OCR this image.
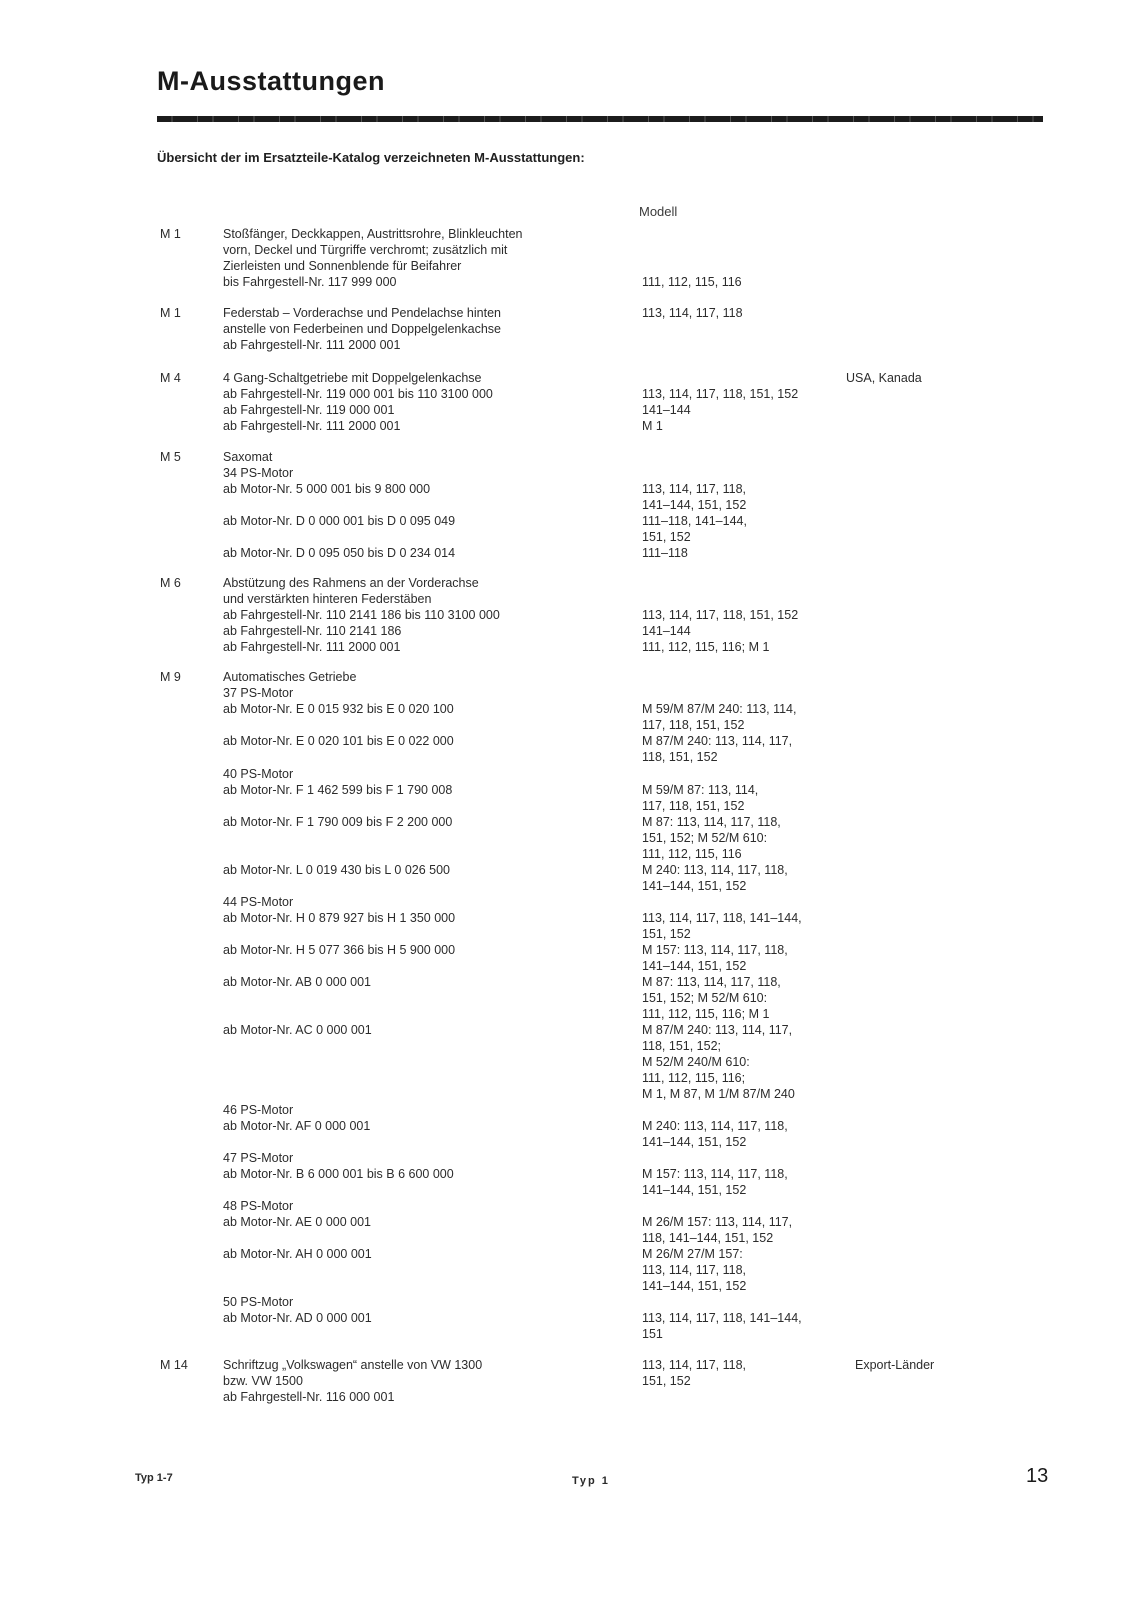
M-Ausstattungen
Übersicht der im Ersatzteile-Katalog verzeichneten M-Ausstattungen:
Modell
M 1	Stoßfänger, Deckkappen, Austrittsrohre, Blinkleuchten
vorn, Deckel und Türgriffe verchromt; zusätzlich mit
Zierleisten und Sonnenblende für Beifahrer
bis Fahrgestell-Nr. 117 999 000	111, 112, 115, 116
M 1	Federstab – Vorderachse und Pendelachse hinten	113, 114, 117, 118
anstelle von Federbeinen und Doppelgelenkachse
ab Fahrgestell-Nr. 111 2000 001
M 4	4 Gang-Schaltgetriebe mit Doppelgelenkachse	USA, Kanada
ab Fahrgestell-Nr. 119 000 001 bis 110 3100 000	113, 114, 117, 118, 151, 152
ab Fahrgestell-Nr. 119 000 001	141–144
ab Fahrgestell-Nr. 111 2000 001	M 1
M 5	Saxomat
34 PS-Motor
ab Motor-Nr. 5 000 001 bis 9 800 000	113, 114, 117, 118,
141–144, 151, 152
ab Motor-Nr. D 0 000 001 bis D 0 095 049	111–118, 141–144,
151, 152
ab Motor-Nr. D 0 095 050 bis D 0 234 014	111–118
M 6	Abstützung des Rahmens an der Vorderachse
und verstärkten hinteren Federstäben
ab Fahrgestell-Nr. 110 2141 186 bis 110 3100 000	113, 114, 117, 118, 151, 152
ab Fahrgestell-Nr. 110 2141 186	141–144
ab Fahrgestell-Nr. 111 2000 001	111, 112, 115, 116; M 1
M 9	Automatisches Getriebe
37 PS-Motor
ab Motor-Nr. E 0 015 932 bis E 0 020 100	M 59/M 87/M 240: 113, 114,
117, 118, 151, 152
ab Motor-Nr. E 0 020 101 bis E 0 022 000	M 87/M 240: 113, 114, 117,
118, 151, 152
40 PS-Motor
ab Motor-Nr. F 1 462 599 bis F 1 790 008	M 59/M 87: 113, 114,
117, 118, 151, 152
ab Motor-Nr. F 1 790 009 bis F 2 200 000	M 87: 113, 114, 117, 118,
151, 152; M 52/M 610:
111, 112, 115, 116
ab Motor-Nr. L 0 019 430 bis L 0 026 500	M 240: 113, 114, 117, 118,
141–144, 151, 152
44 PS-Motor
ab Motor-Nr. H 0 879 927 bis H 1 350 000	113, 114, 117, 118, 141–144,
151, 152
ab Motor-Nr. H 5 077 366 bis H 5 900 000	M 157: 113, 114, 117, 118,
141–144, 151, 152
ab Motor-Nr. AB 0 000 001	M 87: 113, 114, 117, 118,
151, 152; M 52/M 610:
111, 112, 115, 116; M 1
ab Motor-Nr. AC 0 000 001	M 87/M 240: 113, 114, 117,
118, 151, 152;
M 52/M 240/M 610:
111, 112, 115, 116;
M 1, M 87, M 1/M 87/M 240
46 PS-Motor
ab Motor-Nr. AF 0 000 001	M 240: 113, 114, 117, 118,
141–144, 151, 152
47 PS-Motor
ab Motor-Nr. B 6 000 001 bis B 6 600 000	M 157: 113, 114, 117, 118,
141–144, 151, 152
48 PS-Motor
ab Motor-Nr. AE 0 000 001	M 26/M 157: 113, 114, 117,
118, 141–144, 151, 152
ab Motor-Nr. AH 0 000 001	M 26/M 27/M 157:
113, 114, 117, 118,
141–144, 151, 152
50 PS-Motor
ab Motor-Nr. AD 0 000 001	113, 114, 117, 118, 141–144,
151
M 14	Schriftzug „Volkswagen“ anstelle von VW 1300	113, 114, 117, 118,	Export-Länder
bzw. VW 1500	151, 152
ab Fahrgestell-Nr. 116 000 001
Typ 1-7	Typ 1	13
